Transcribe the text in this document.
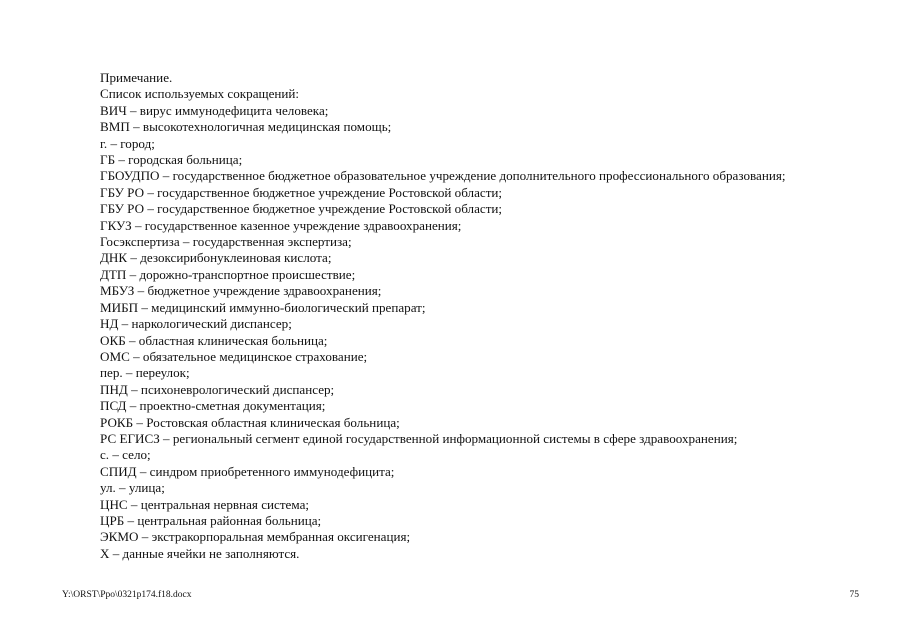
Примечание.
Список используемых сокращений:
ВИЧ – вирус иммунодефицита человека;
ВМП – высокотехнологичная медицинская помощь;
г. – город;
ГБ – городская больница;
ГБОУДПО – государственное бюджетное образовательное учреждение дополнительного профессионального образования;
ГБУ РО – государственное бюджетное учреждение Ростовской области;
ГБУ РО – государственное бюджетное учреждение Ростовской области;
ГКУЗ – государственное казенное учреждение здравоохранения;
Госэкспертиза – государственная экспертиза;
ДНК – дезоксирибонуклеиновая кислота;
ДТП – дорожно-транспортное происшествие;
МБУЗ – бюджетное учреждение здравоохранения;
МИБП – медицинский иммунно-биологический препарат;
НД – наркологический диспансер;
ОКБ – областная клиническая больница;
ОМС – обязательное медицинское страхование;
пер. – переулок;
ПНД – психоневрологический диспансер;
ПСД – проектно-сметная документация;
РОКБ – Ростовская областная клиническая больница;
РС ЕГИСЗ – региональный сегмент единой государственной информационной системы в сфере здравоохранения;
с. – село;
СПИД – синдром приобретенного иммунодефицита;
ул. – улица;
ЦНС – центральная нервная система;
ЦРБ – центральная районная больница;
ЭКМО – экстракорпоральная мембранная оксигенация;
Х – данные ячейки не заполняются.
Y:\ORST\Ppo\0321p174.f18.docx	75
